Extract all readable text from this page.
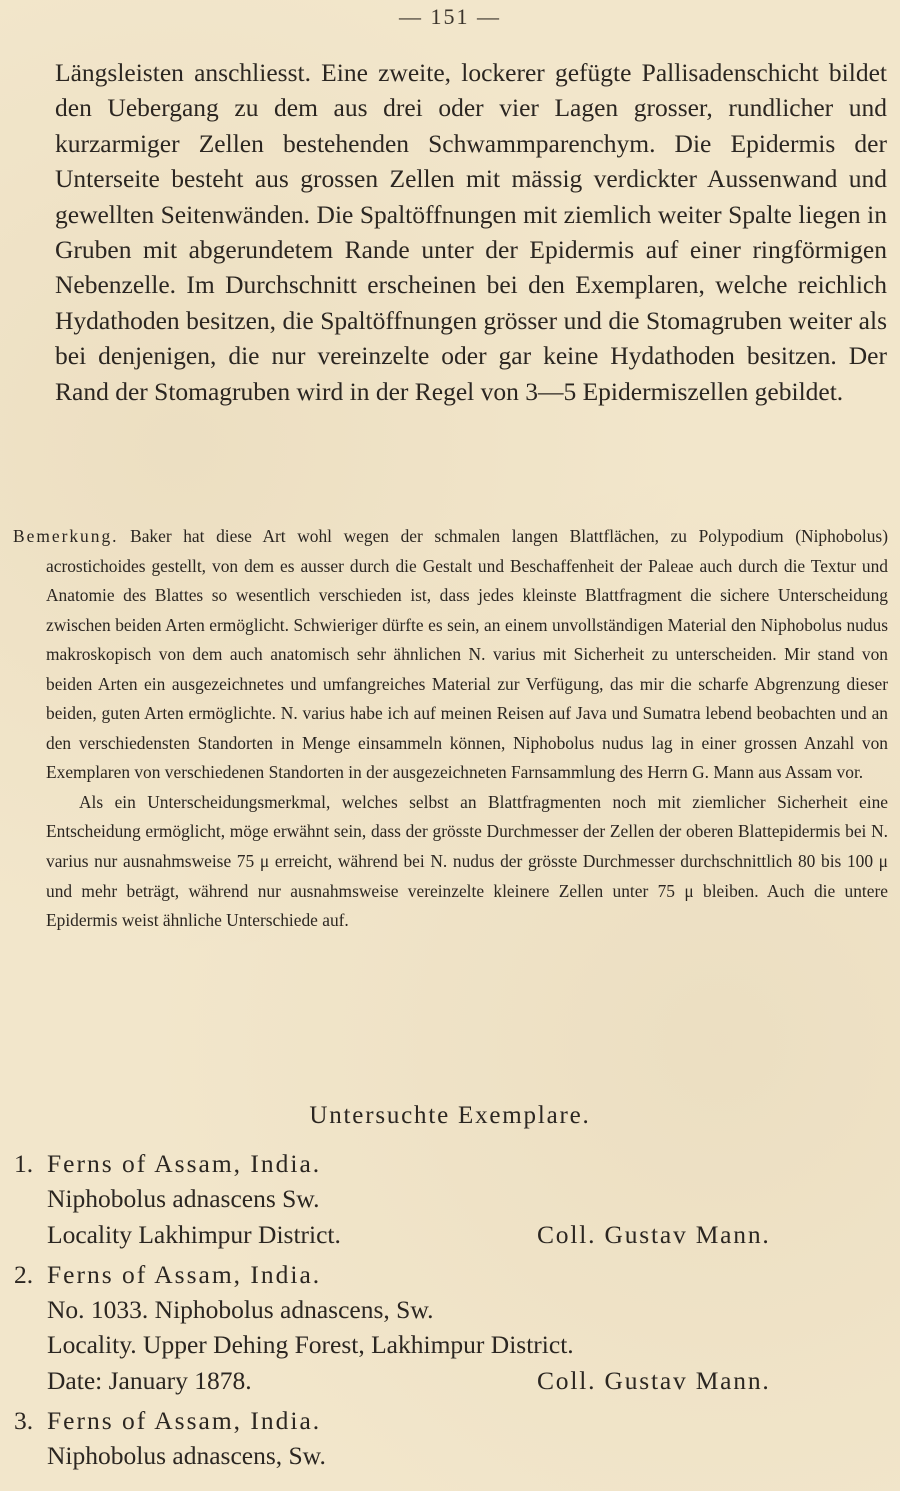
— 151 —

Längsleisten anschliesst. Eine zweite, lockerer gefügte Pallisadenschicht bildet den Uebergang zu dem aus drei oder vier Lagen grosser, rundlicher und kurzarmiger Zellen bestehenden Schwammparenchym. Die Epidermis der Unterseite besteht aus grossen Zellen mit mässig verdickter Aussenwand und gewellten Seitenwänden. Die Spaltöffnungen mit ziemlich weiter Spalte liegen in Gruben mit abgerundetem Rande unter der Epidermis auf einer ringförmigen Nebenzelle. Im Durchschnitt erscheinen bei den Exemplaren, welche reichlich Hydathoden besitzen, die Spaltöffnungen grösser und die Stomagruben weiter als bei denjenigen, die nur vereinzelte oder gar keine Hydathoden besitzen. Der Rand der Stomagruben wird in der Regel von 3—5 Epidermiszellen gebildet.

Bemerkung. Baker hat diese Art wohl wegen der schmalen langen Blattflächen, zu Polypodium (Niphobolus) acrostichoides gestellt, von dem es ausser durch die Gestalt und Beschaffenheit der Paleae auch durch die Textur und Anatomie des Blattes so wesentlich verschieden ist, dass jedes kleinste Blattfragment die sichere Unterscheidung zwischen beiden Arten ermöglicht. Schwieriger dürfte es sein, an einem unvollständigen Material den Niphobolus nudus makroskopisch von dem auch anatomisch sehr ähnlichen N. varius mit Sicherheit zu unterscheiden. Mir stand von beiden Arten ein ausgezeichnetes und umfangreiches Material zur Verfügung, das mir die scharfe Abgrenzung dieser beiden, guten Arten ermöglichte. N. varius habe ich auf meinen Reisen auf Java und Sumatra lebend beobachten und an den verschiedensten Standorten in Menge einsammeln können, Niphobolus nudus lag in einer grossen Anzahl von Exemplaren von verschiedenen Standorten in der ausgezeichneten Farnsammlung des Herrn G. Mann aus Assam vor.

Als ein Unterscheidungsmerkmal, welches selbst an Blattfragmenten noch mit ziemlicher Sicherheit eine Entscheidung ermöglicht, möge erwähnt sein, dass der grösste Durchmesser der Zellen der oberen Blattepidermis bei N. varius nur ausnahmsweise 75 μ erreicht, während bei N. nudus der grösste Durchmesser durchschnittlich 80 bis 100 μ und mehr beträgt, während nur ausnahmsweise vereinzelte kleinere Zellen unter 75 μ bleiben. Auch die untere Epidermis weist ähnliche Unterschiede auf.

Untersuchte Exemplare.
1. Ferns of Assam, India.
Niphobolus adnascens Sw.
Locality Lakhimpur District.	Coll. Gustav Mann.
2. Ferns of Assam, India.
No. 1033. Niphobolus adnascens, Sw.
Locality. Upper Dehing Forest, Lakhimpur District.
Date: January 1878.	Coll. Gustav Mann.
3. Ferns of Assam, India.
Niphobolus adnascens, Sw.
